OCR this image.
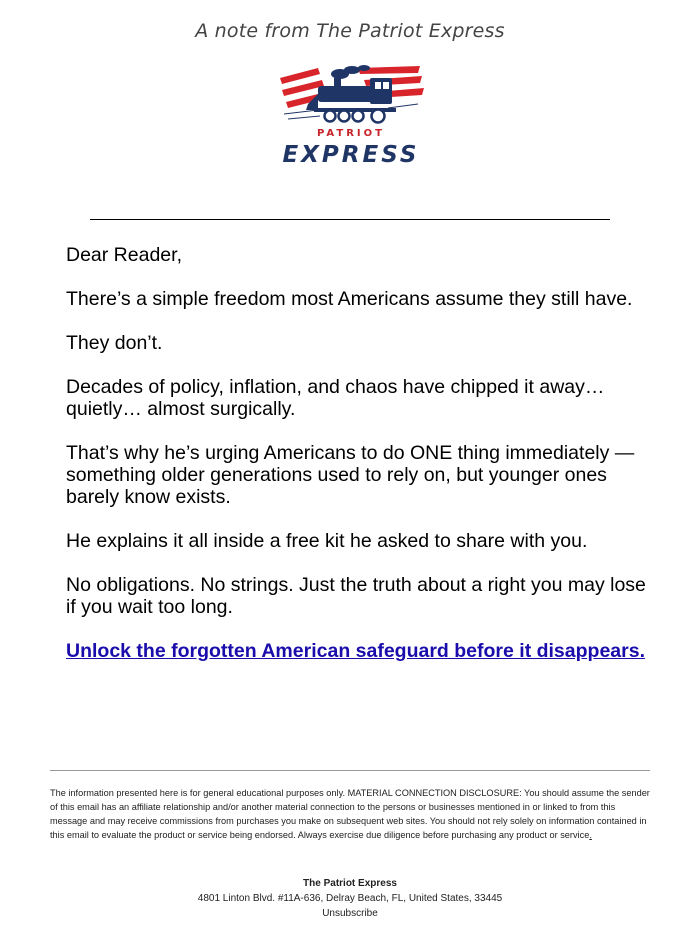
A note from The Patriot Express
PATRIOT
EXPRESS

Dear Reader,

There’s a simple freedom most Americans assume they still have.

They don’t.

Decades of policy, inflation, and chaos have chipped it away… quietly… almost surgically.

That’s why he’s urging Americans to do ONE thing immediately — something older generations used to rely on, but younger ones barely know exists.

He explains it all inside a free kit he asked to share with you.

No obligations. No strings. Just the truth about a right you may lose if you wait too long.

Unlock the forgotten American safeguard before it disappears.
The information presented here is for general educational purposes only. MATERIAL CONNECTION DISCLOSURE: You should assume the sender of this email has an affiliate relationship and/or another material connection to the persons or businesses mentioned in or linked to from this message and may receive commissions from purchases you make on subsequent web sites. You should not rely solely on information contained in this email to evaluate the product or service being endorsed. Always exercise due diligence before purchasing any product or service.
The Patriot Express
4801 Linton Blvd. #11A-636, Delray Beach, FL, United States, 33445
Unsubscribe
